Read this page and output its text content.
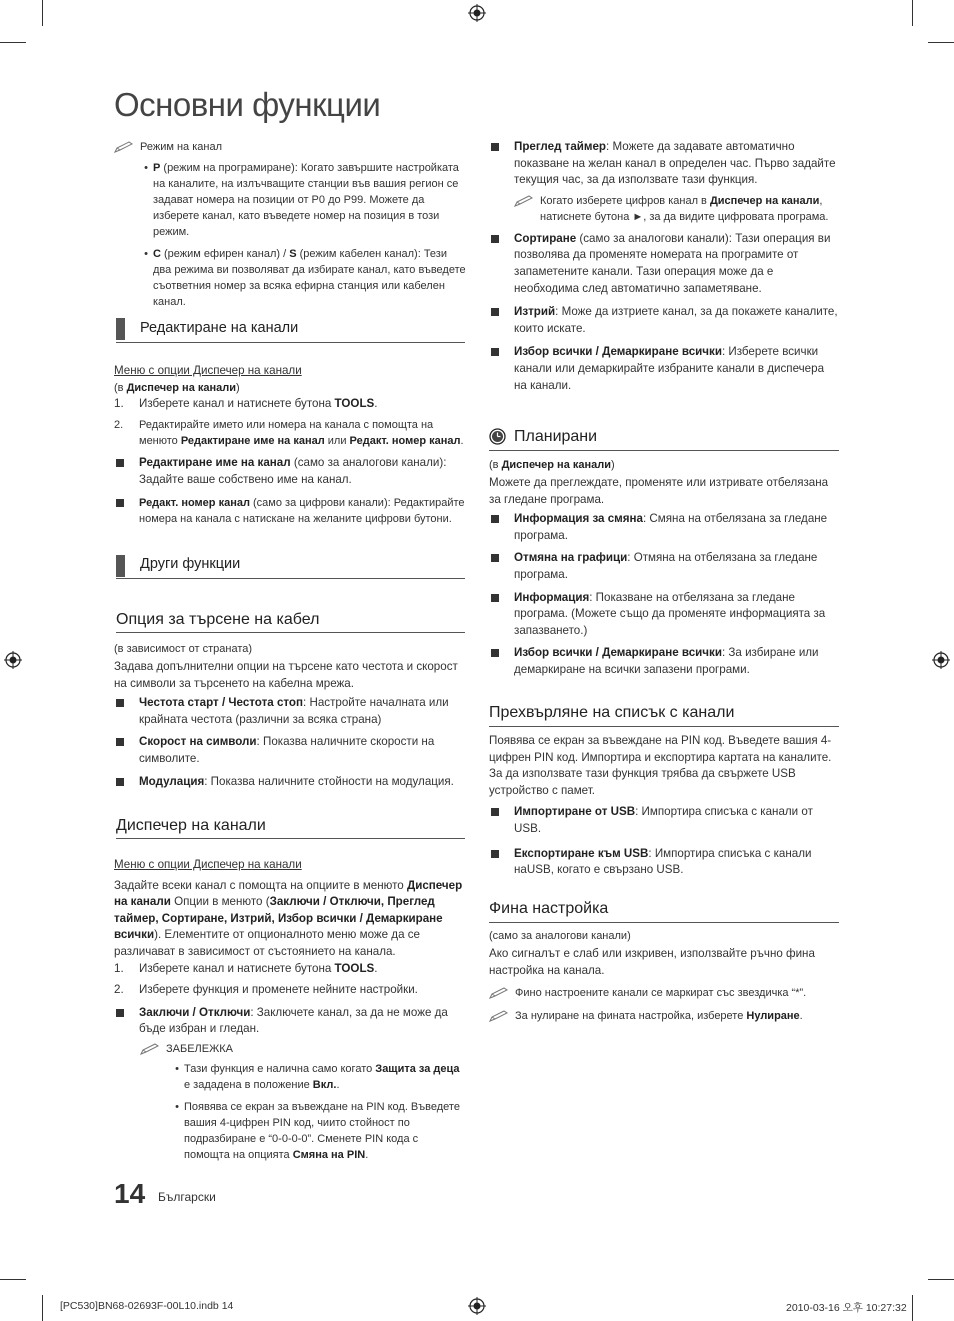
Основни функции
Режим на канал
• P (режим на програмиране): Когато завършите настройката на каналите, на излъчващите станции във вашия регион се задават номера на позиции от P0 до P99. Можете да изберете канал, като въведете номер на позиция в този режим.
• C (режим ефирен канал) / S (режим кабелен канал): Тези два режима ви позволяват да избирате канал, като въведете съответния номер за всяка ефирна станция или кабелен канал.
Редактиране на канали

Меню с опции Диспечер на канали

(в Диспечер на канали)

1.	Изберете канал и натиснете бутона TOOLS.
2.	Редактирайте името или номера на канала с помощта на менюто Редактиране име на канал или Редакт. номер канал.
Редактиране име на канал (само за аналогови канали): Задайте ваше собствено име на канал.
Редакт. номер канал (само за цифрови канали): Редактирайте номера на канала с натискане на желаните цифрови бутони.
Други функции
Опция за търсене на кабел

(в зависимост от страната)

Задава допълнителни опции на търсене като честота и скорост на символи за търсенето на кабелна мрежа.

Честота старт / Честота стоп: Настройте началната или крайната честота (различни за всяка страна)
Скорост на символи: Показва наличните скорости на символите.
Модулация: Показва наличните стойности на модулация.
Диспечер на канали

Меню с опции Диспечер на канали

Задайте всеки канал с помощта на опциите в менюто Диспечер на канали Опции в менюто (Заключи / Отключи, Преглед таймер, Сортиране, Изтрий, Избор всички / Демаркиране всички). Елементите от опционалното меню може да се различават в зависимост от състоянието на канала.

1.	Изберете канал и натиснете бутона TOOLS.
2.	Изберете функция и променете нейните настройки.
Заключи / Отключи: Заключете канал, за да не може да бъде избран и гледан.
ЗАБЕЛЕЖКА
• Тази функция е налична само когато Защита за деца е зададена в положение Вкл..
• Появява се екран за въвеждане на PIN код. Въведете вашия 4-цифрен PIN код, чиито стойност по подразбиране е “0-0-0-0”. Сменете PIN кода с помощта на опцията Смяна на PIN.
Преглед таймер: Можете да задавате автоматично показване на желан канал в определен час. Първо задайте текущия час, за да използвате тази функция.
Когато изберете цифров канал в Диспечер на канали, натиснете бутона ►, за да видите цифровата програма.
Сортиране (само за аналогови канали): Тази операция ви позволява да променяте номерата на програмите от запаметените канали. Тази операция може да е необходима след автоматично запаметяване.
Изтрий: Може да изтриете канал, за да покажете каналите, които искате.
Избор всички / Демаркиране всички: Изберете всички канали или демаркирайте избраните канали в диспечера на канали.
Планирани

(в Диспечер на канали)

Можете да преглеждате, променяте или изтривате отбелязана за гледане програма.

Информация за смяна: Смяна на отбелязана за гледане програма.
Отмяна на графици: Отмяна на отбелязана за гледане програма.
Информация: Показване на отбелязана за гледане програма. (Можете също да променяте информацията за запазването.)
Избор всички / Демаркиране всички: За избиране или демаркиране на всички запазени програми.
Прехвърляне на списък с канали

Появява се екран за въвеждане на PIN код. Въведете вашия 4-цифрен PIN код. Импортира и експортира картата на каналите. За да използвате тази функция трябва да свържете USB устройство с памет.

Импортиране от USB: Импортира списъка с канали от USB.
Експортиране към USB: Импортира списъка с канали наUSB, когато е свързано USB.
Фина настройка

(само за аналогови канали)

Ако сигналът е слаб или изкривен, използвайте ръчно фина настройка на канала.

Фино настроените канали се маркират със звездичка “*”.
За нулиране на фината настройка, изберете Нулиране.
14 Български
[PC530]BN68-02693F-00L10.indb 14	2010-03-16 오후 10:27:32
